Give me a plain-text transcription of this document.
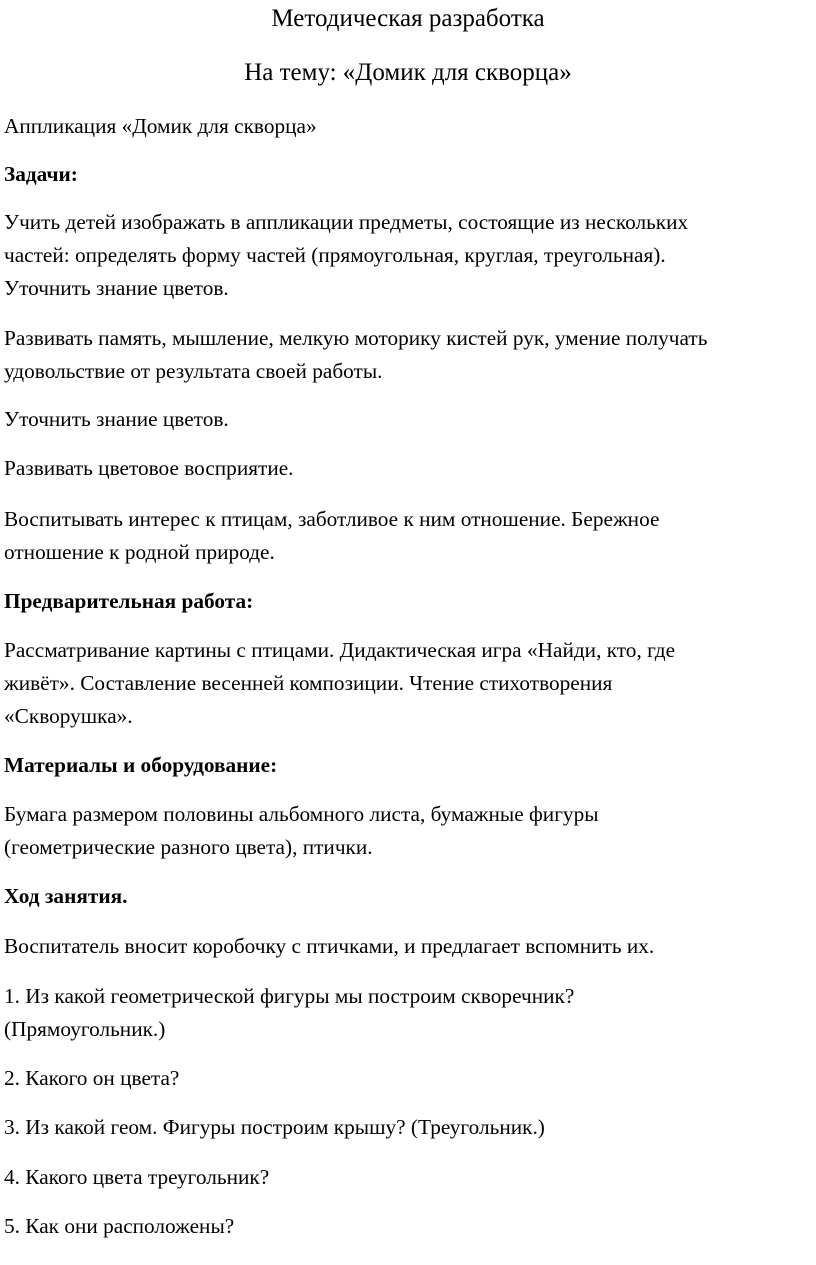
Методическая разработка
На тему: «Домик для скворца»

Аппликация «Домик для скворца»

Задачи:

Учить детей изображать в аппликации предметы, состоящие из нескольких
частей: определять форму частей (прямоугольная, круглая, треугольная).
Уточнить знание цветов.
Развивать память, мышление, мелкую моторику кистей рук, умение получать
удовольствие от результата своей работы.
Уточнить знание цветов.
Развивать цветовое восприятие.
Воспитывать интерес к птицам, заботливое к ним отношение. Бережное
отношение к родной природе.

Предварительная работа:

Рассматривание картины с птицами. Дидактическая игра «Найди, кто, где
живёт». Составление весенней композиции. Чтение стихотворения
«Скворушка».

Материалы и оборудование:

Бумага размером половины альбомного листа, бумажные фигуры
(геометрические разного цвета), птички.

Ход занятия.

Воспитатель вносит коробочку с птичками, и предлагает вспомнить их.

1. Из какой геометрической фигуры мы построим скворечник?
(Прямоугольник.)
2. Какого он цвета?
3. Из какой геом. Фигуры построим крышу? (Треугольник.)
4. Какого цвета треугольник?
5. Как они расположены?
